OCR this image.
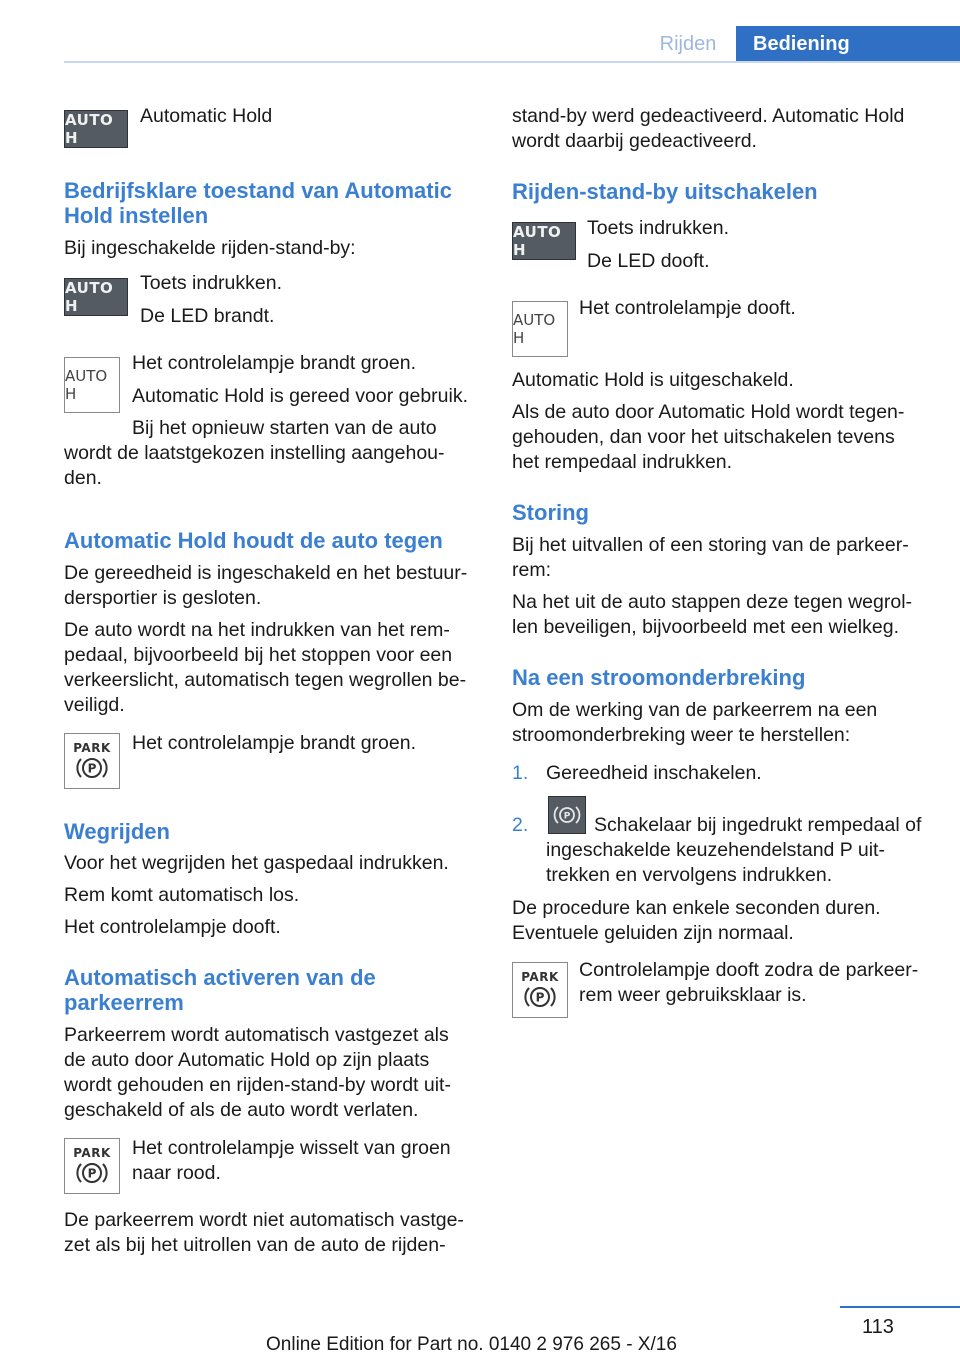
Rijden	Bediening
AUTO H

Automatic Hold

Bedrijfsklare toestand van Automatic

Hold instellen

Bij ingeschakelde rijden-stand-by:

AUTO H

Toets indrukken.

De LED brandt.

AUTO H

Het controlelampje brandt groen.

Automatic Hold is gereed voor gebruik.

Bij het opnieuw starten van de auto

wordt de laatstgekozen instelling aangehou-

den.

Automatic Hold houdt de auto tegen

De gereedheid is ingeschakeld en het bestuur-

dersportier is gesloten.

De auto wordt na het indrukken van het rem-

pedaal, bijvoorbeeld bij het stoppen voor een

verkeerslicht, automatisch tegen wegrollen be-

veiligd.

PARK
P

Het controlelampje brandt groen.

Wegrijden

Voor het wegrijden het gaspedaal indrukken.

Rem komt automatisch los.

Het controlelampje dooft.

Automatisch activeren van de

parkeerrem

Parkeerrem wordt automatisch vastgezet als

de auto door Automatic Hold op zijn plaats

wordt gehouden en rijden-stand-by wordt uit-

geschakeld of als de auto wordt verlaten.

PARK
P

Het controlelampje wisselt van groen

naar rood.

De parkeerrem wordt niet automatisch vastge-

zet als bij het uitrollen van de auto de rijden-

stand-by werd gedeactiveerd. Automatic Hold

wordt daarbij gedeactiveerd.

Rijden-stand-by uitschakelen

AUTO H

Toets indrukken.

De LED dooft.

AUTO H

Het controlelampje dooft.

Automatic Hold is uitgeschakeld.

Als de auto door Automatic Hold wordt tegen-

gehouden, dan voor het uitschakelen tevens

het rempedaal indrukken.

Storing

Bij het uitvallen of een storing van de parkeer-

rem:

Na het uit de auto stappen deze tegen wegrol-

len beveiligen, bijvoorbeeld met een wielkeg.

Na een stroomonderbreking

Om de werking van de parkeerrem na een

stroomonderbreking weer te herstellen:

1. Gereedheid inschakelen.

2.	P Schakelaar bij ingedrukt rempedaal of

ingeschakelde keuzehendelstand P uit-

trekken en vervolgens indrukken.

De procedure kan enkele seconden duren.

Eventuele geluiden zijn normaal.

PARK
P

Controlelampje dooft zodra de parkeer-

rem weer gebruiksklaar is.

113
Online Edition for Part no. 0140 2 976 265 - X/16
